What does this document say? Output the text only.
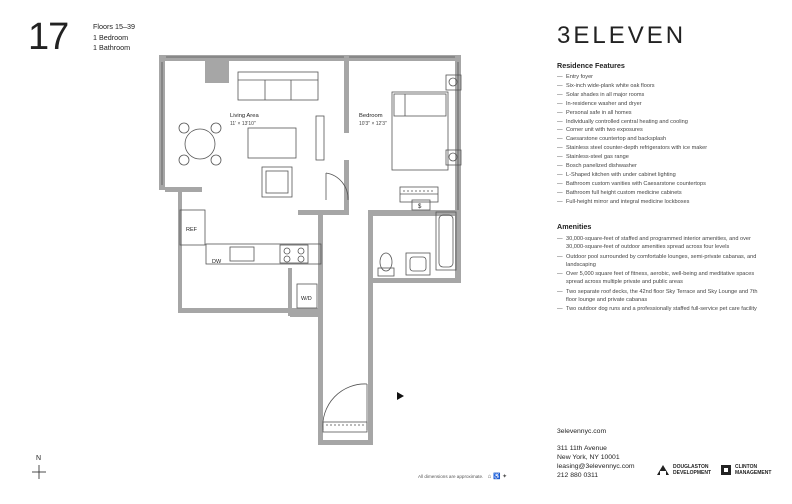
17	Floors 15–39
1 Bedroom
1 Bathroom	3ELEVEN
Living Area
11' × 13'10"
Bedroom
10'3" × 12'3"
REF
DW
W/D
$
Residence Features
— Entry foyer
— Six-inch wide-plank white oak floors
— Solar shades in all major rooms
— In-residence washer and dryer
— Personal safe in all homes
— Individually controlled central heating and cooling
— Corner unit with two exposures
— Caesarstone countertop and backsplash
— Stainless steel counter-depth refrigerators with ice maker
— Stainless-steel gas range
— Bosch panelized dishwasher
— L-Shaped kitchen with under cabinet lighting
— Bathroom custom vanities with Caesarstone countertops
— Bathroom full height custom medicine cabinets
— Full-height mirror and integral medicine lockboxes
Amenities
— 30,000-square-feet of staffed and programmed interior amenities, and over 30,000-square-feet of outdoor amenities spread across four levels
— Outdoor pool surrounded by comfortable lounges, semi-private cabanas, and landscaping
— Over 5,000 square feet of fitness, aerobic, well-being and meditative spaces spread across multiple private and public areas
— Two separate roof decks, the 42nd floor Sky Terrace and Sky Lounge and 7th floor lounge and private cabanas
— Two outdoor dog runs and a professionally staffed full-service pet care facility
3elevennyc.com
311 11th Avenue
New York, NY 10001
leasing@3elevennyc.com
212 880 0311
All dimensions are approximate. ⌂ ♿ ✦
DOUGLASTON
DEVELOPMENT
CLINTON
MANAGEMENT
N
